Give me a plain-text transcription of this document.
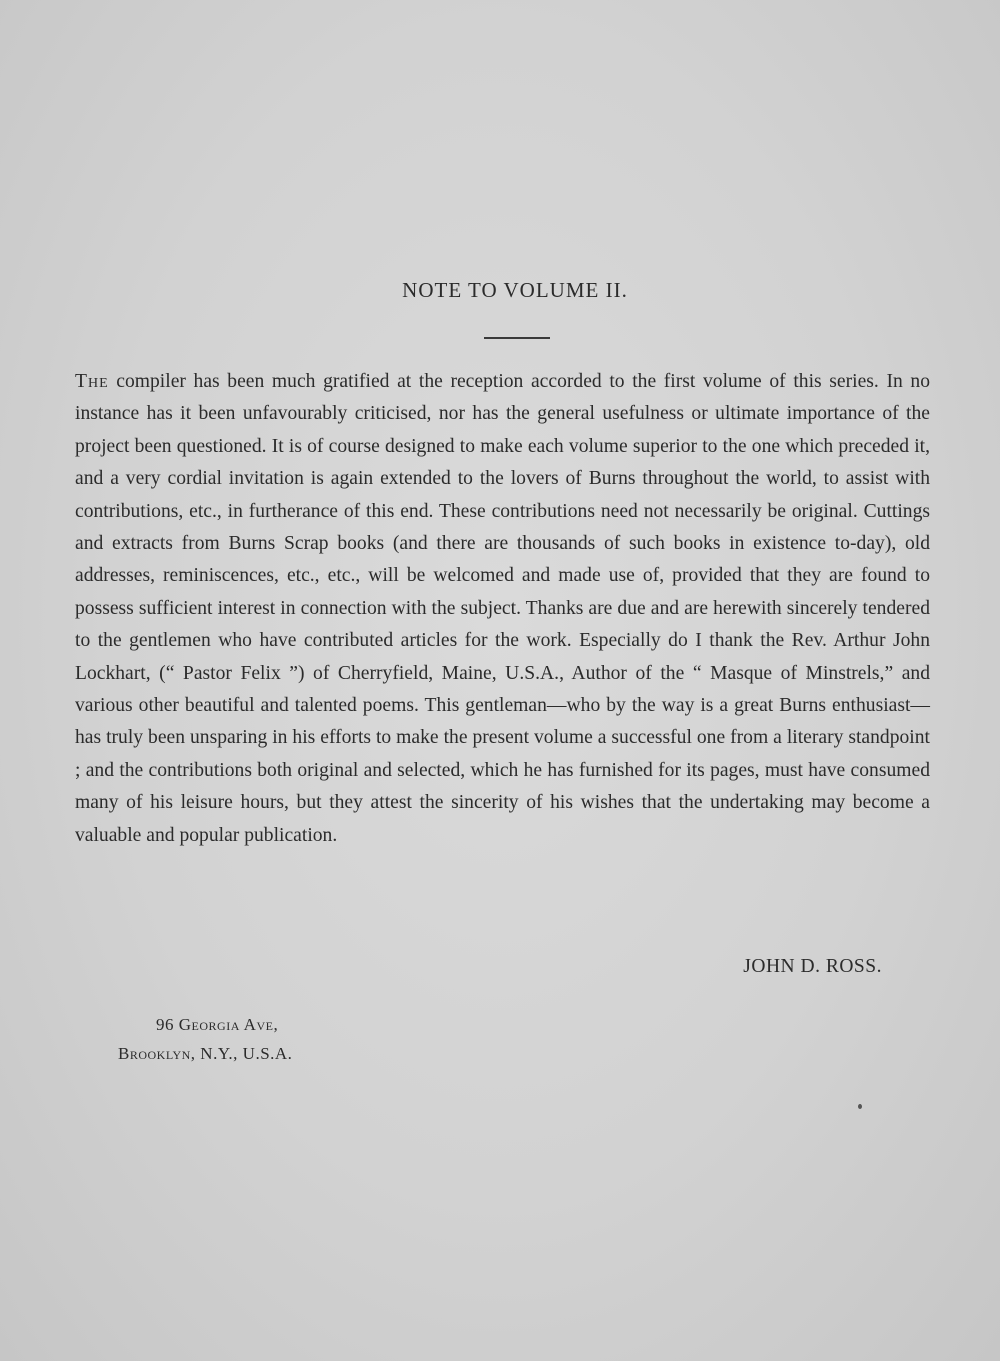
NOTE TO VOLUME II.
The compiler has been much gratified at the reception accorded to the first volume of this series. In no instance has it been unfavourably criticised, nor has the general usefulness or ultimate importance of the project been questioned. It is of course designed to make each volume superior to the one which preceded it, and a very cordial invitation is again extended to the lovers of Burns throughout the world, to assist with contributions, etc., in furtherance of this end. These contributions need not necessarily be original. Cuttings and extracts from Burns Scrap books (and there are thousands of such books in existence to-day), old addresses, reminiscences, etc., etc., will be welcomed and made use of, provided that they are found to possess sufficient interest in connection with the subject. Thanks are due and are herewith sincerely tendered to the gentlemen who have contributed articles for the work. Especially do I thank the Rev. Arthur John Lockhart, (“ Pastor Felix ”) of Cherryfield, Maine, U.S.A., Author of the “ Masque of Minstrels,” and various other beautiful and talented poems. This gentleman—who by the way is a great Burns enthusiast—has truly been unsparing in his efforts to make the present volume a successful one from a literary standpoint ; and the contributions both original and selected, which he has furnished for its pages, must have consumed many of his leisure hours, but they attest the sincerity of his wishes that the undertaking may become a valuable and popular publication.
JOHN D. ROSS.
96 Georgia Ave,
Brooklyn, N.Y., U.S.A.
